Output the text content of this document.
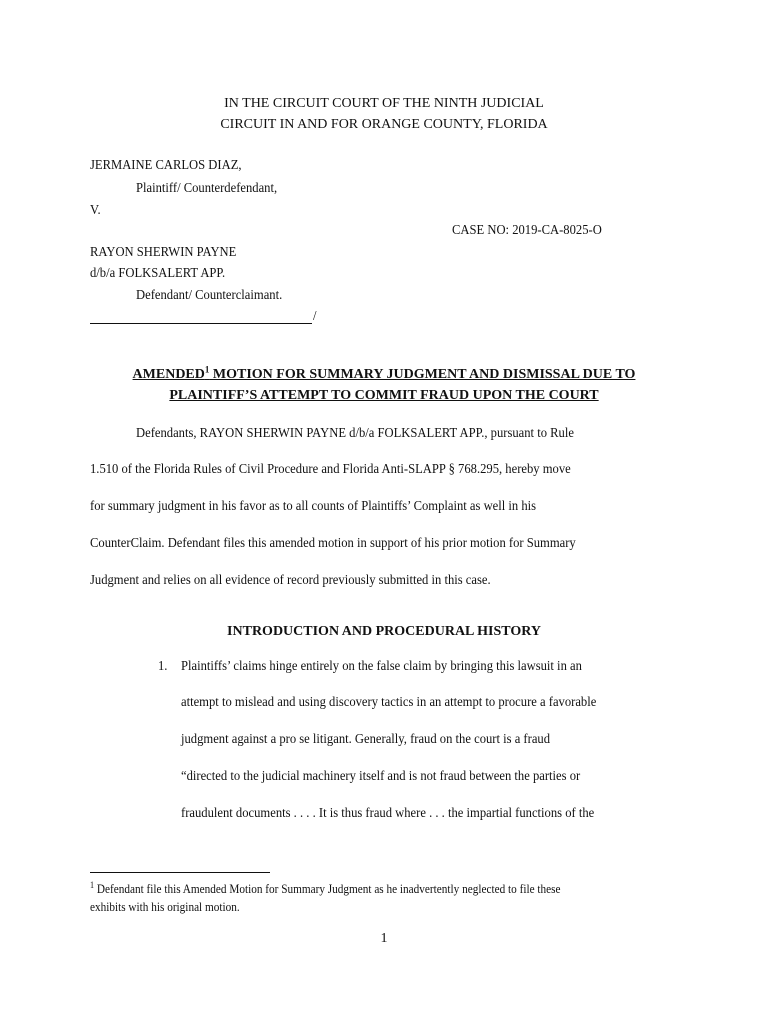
IN THE CIRCUIT COURT OF THE NINTH JUDICIAL
CIRCUIT IN AND FOR ORANGE COUNTY, FLORIDA
JERMAINE CARLOS DIAZ,
Plaintiff/ Counterdefendant,
V.
CASE NO: 2019-CA-8025-O
RAYON SHERWIN PAYNE
d/b/a FOLKSALERT APP.
Defendant/ Counterclaimant.
/
AMENDED$^1$ MOTION FOR SUMMARY JUDGMENT AND DISMISSAL DUE TO
PLAINTIFF’S ATTEMPT TO COMMIT FRAUD UPON THE COURT
Defendants, RAYON SHERWIN PAYNE d/b/a FOLKSALERT APP., pursuant to Rule
1.510 of the Florida Rules of Civil Procedure and Florida Anti-SLAPP § 768.295, hereby move
for summary judgment in his favor as to all counts of Plaintiffs’ Complaint as well in his
CounterClaim. Defendant files this amended motion in support of his prior motion for Summary
Judgment and relies on all evidence of record previously submitted in this case.
INTRODUCTION AND PROCEDURAL HISTORY
1. Plaintiffs’ claims hinge entirely on the false claim by bringing this lawsuit in an
attempt to mislead and using discovery tactics in an attempt to procure a favorable
judgment against a pro se litigant. Generally, fraud on the court is a fraud
“directed to the judicial machinery itself and is not fraud between the parties or
fraudulent documents . . . . It is thus fraud where . . . the impartial functions of the
$^1$ Defendant file this Amended Motion for Summary Judgment as he inadvertently neglected to file these
exhibits with his original motion.
1
